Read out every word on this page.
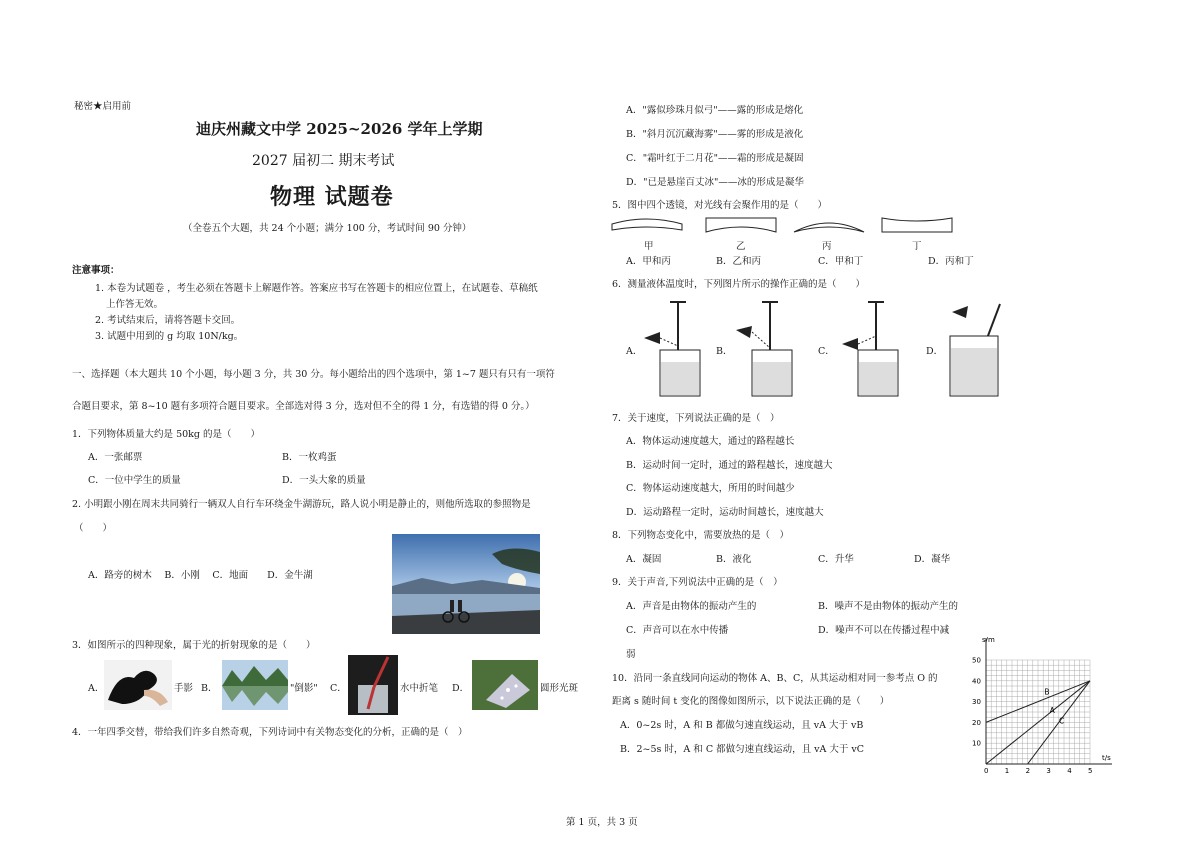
秘密★启用前
迪庆州藏文中学 2025~2026 学年上学期
2027 届初二 期末考试
物理 试题卷
（全卷五个大题，共 24 个小题；满分 100 分，考试时间 90 分钟）
注意事项：
1. 本卷为试题卷 ，考生必须在答题卡上解题作答。答案应书写在答题卡的相应位置上，在试题卷、草稿纸
上作答无效。
2. 考试结束后，请将答题卡交回。
3. 试题中用到的 g 均取 10N/kg。
一、选择题（本大题共 10 个小题，每小题 3 分，共 30 分。每小题给出的四个选项中，第 1~7 题只有只有一项符
合题目要求，第 8~10 题有多项符合题目要求。全部选对得 3 分，选对但不全的得 1 分，有选错的得 0 分。）
1．下列物体质量大约是 50kg 的是（　　）
A．一张邮票	B．一枚鸡蛋
C．一位中学生的质量	D．一头大象的质量
2. 小明跟小刚在周末共同骑行一辆双人自行车环绕金牛湖游玩，路人说小明是静止的，则他所选取的参照物是
（　　）
A．路旁的树木　 B．小刚　 C．地面　　D．金牛湖
3．如图所示的四种现象，属于光的折射现象的是（　　）
A．	手影 B．	"倒影" C．	水中折笔 D．	圆形光斑
4．一年四季交替，带给我们许多自然奇观，下列诗词中有关物态变化的分析，正确的是（　）
A．"露似珍珠月似弓"——露的形成是熔化
B．"斜月沉沉藏海雾"——雾的形成是液化
C．"霜叶红于二月花"——霜的形成是凝固
D．"已是悬崖百丈冰"——冰的形成是凝华
5．图中四个透镜，对光线有会聚作用的是（　　）
甲	乙	丙	丁
A．甲和丙	B．乙和丙	C．甲和丁	D．丙和丁
6．测量液体温度时，下列图片所示的操作正确的是（　　）
A．	B．	C．	D．
7．关于速度，下列说法正确的是（　）
A．物体运动速度越大，通过的路程越长
B．运动时间一定时，通过的路程越长，速度越大
C．物体运动速度越大，所用的时间越少
D．运动路程一定时，运动时间越长，速度越大
8．下列物态变化中，需要放热的是（　）
A．凝固	B．液化	C．升华	D．凝华
9．关于声音,下列说法中正确的是（　）
A．声音是由物体的振动产生的	B．噪声不是由物体的振动产生的
C．声音可以在水中传播	D．噪声不可以在传播过程中减
弱
10．沿同一条直线同向运动的物体 A、B、C，从其运动相对同一参考点 O 的
距离 s 随时间 t 变化的图像如图所示，以下说法正确的是（　　）
A．0~2s 时，A 和 B 都做匀速直线运动，且 vA 大于 vB
B．2~5s 时，A 和 C 都做匀速直线运动，且 vA 大于 vC
s/m
t/s
0 1 2 3 4 5
50
40
30
20
10
B
A
C
第 1 页，共 3 页
